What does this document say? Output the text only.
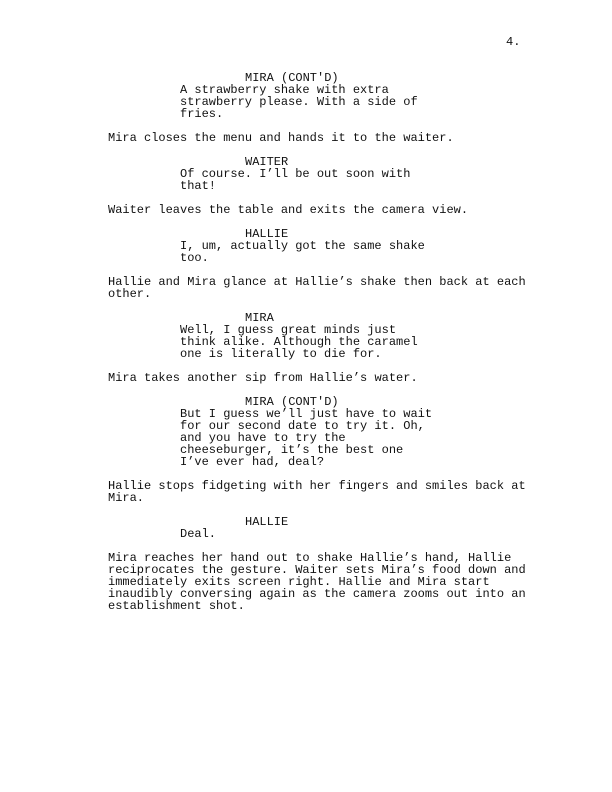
4.
MIRA (CONT'D)
A strawberry shake with extra
strawberry please. With a side of
fries.
Mira closes the menu and hands it to the waiter.
WAITER
Of course. I’ll be out soon with
that!
Waiter leaves the table and exits the camera view.
HALLIE
I, um, actually got the same shake
too.
Hallie and Mira glance at Hallie’s shake then back at each
other.
MIRA
Well, I guess great minds just
think alike. Although the caramel
one is literally to die for.
Mira takes another sip from Hallie’s water.
MIRA (CONT'D)
But I guess we’ll just have to wait
for our second date to try it. Oh,
and you have to try the
cheeseburger, it’s the best one
I’ve ever had, deal?
Hallie stops fidgeting with her fingers and smiles back at
Mira.
HALLIE
Deal.
Mira reaches her hand out to shake Hallie’s hand, Hallie
reciprocates the gesture. Waiter sets Mira’s food down and
immediately exits screen right. Hallie and Mira start
inaudibly conversing again as the camera zooms out into an
establishment shot.
